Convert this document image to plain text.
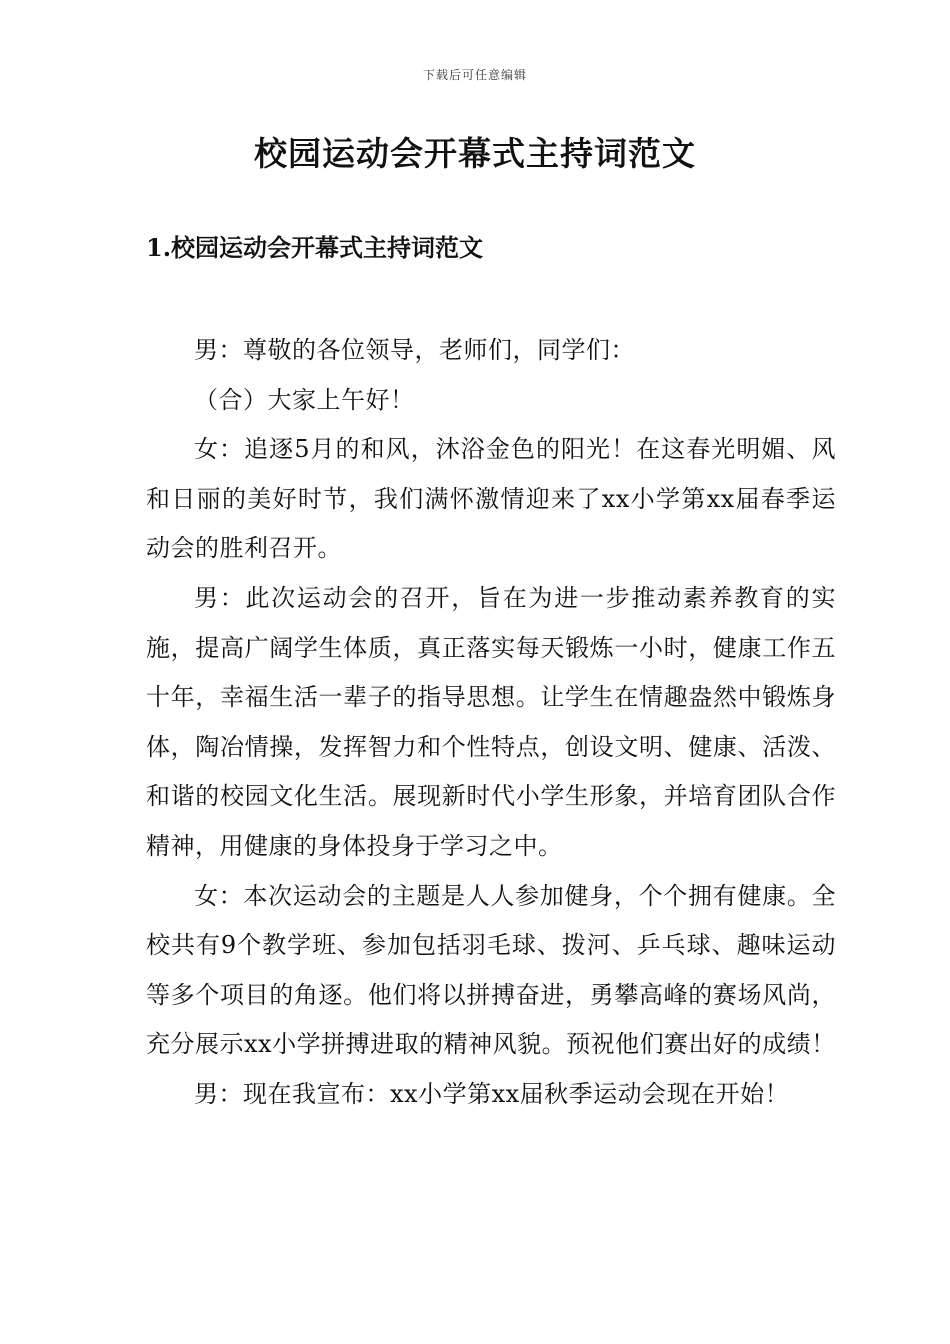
下载后可任意编辑
校园运动会开幕式主持词范文
1.校园运动会开幕式主持词范文

男：尊敬的各位领导，老师们，同学们：

（合）大家上午好！

女：追逐5月的和风，沐浴金色的阳光！在这春光明媚、风和日丽的美好时节，我们满怀激情迎来了xx小学第xx届春季运动会的胜利召开。

男：此次运动会的召开，旨在为进一步推动素养教育的实施，提高广阔学生体质，真正落实每天锻炼一小时，健康工作五十年，幸福生活一辈子的指导思想。让学生在情趣盎然中锻炼身体，陶冶情操，发挥智力和个性特点，创设文明、健康、活泼、和谐的校园文化生活。展现新时代小学生形象，并培育团队合作精神，用健康的身体投身于学习之中。

女：本次运动会的主题是人人参加健身，个个拥有健康。全校共有9个教学班、参加包括羽毛球、拨河、乒乓球、趣味运动等多个项目的角逐。他们将以拼搏奋进，勇攀高峰的赛场风尚，充分展示xx小学拼搏进取的精神风貌。预祝他们赛出好的成绩！

男：现在我宣布：xx小学第xx届秋季运动会现在开始！
